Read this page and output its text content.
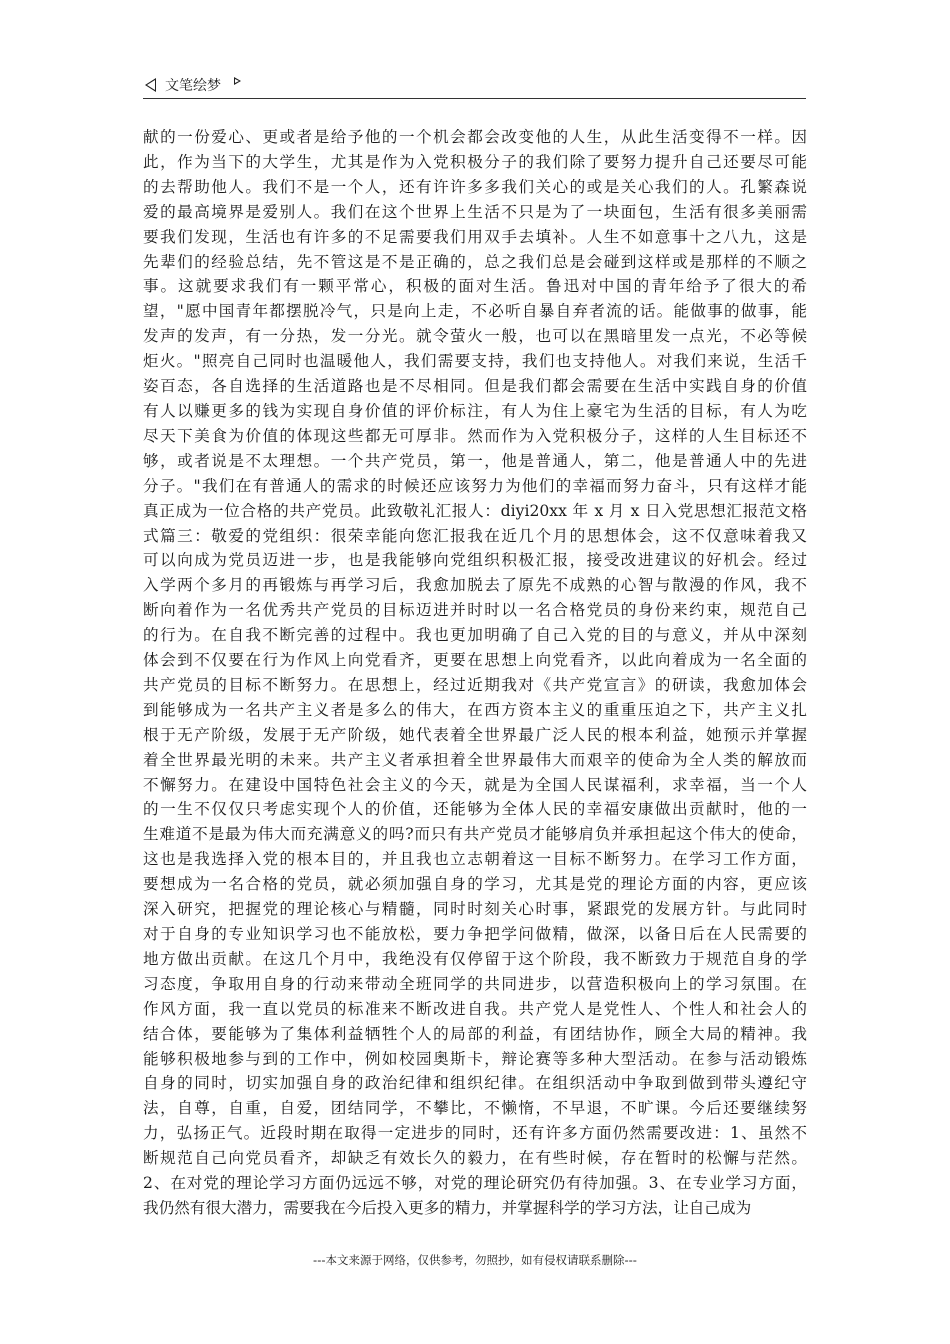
文笔绘梦
献的一份爱心、更或者是给予他的一个机会都会改变他的人生，从此生活变得不一样。因
此，作为当下的大学生，尤其是作为入党积极分子的我们除了要努力提升自己还要尽可能
的去帮助他人。我们不是一个人，还有许许多多我们关心的或是关心我们的人。孔繁森说
爱的最高境界是爱别人。我们在这个世界上生活不只是为了一块面包，生活有很多美丽需
要我们发现，生活也有许多的不足需要我们用双手去填补。人生不如意事十之八九，这是
先辈们的经验总结，先不管这是不是正确的，总之我们总是会碰到这样或是那样的不顺之
事。这就要求我们有一颗平常心，积极的面对生活。鲁迅对中国的青年给予了很大的希
望，"愿中国青年都摆脱冷气，只是向上走，不必听自暴自弃者流的话。能做事的做事，能
发声的发声，有一分热，发一分光。就令萤火一般，也可以在黑暗里发一点光，不必等候
炬火。"照亮自己同时也温暖他人，我们需要支持，我们也支持他人。对我们来说，生活千
姿百态，各自选择的生活道路也是不尽相同。但是我们都会需要在生活中实践自身的价值
有人以赚更多的钱为实现自身价值的评价标注，有人为住上豪宅为生活的目标，有人为吃
尽天下美食为价值的体现这些都无可厚非。然而作为入党积极分子，这样的人生目标还不
够，或者说是不太理想。一个共产党员，第一，他是普通人，第二，他是普通人中的先进
分子。"我们在有普通人的需求的时候还应该努力为他们的幸福而努力奋斗，只有这样才能
真正成为一位合格的共产党员。此致敬礼汇报人：diyi20xx 年 x 月 x 日入党思想汇报范文格
式篇三：敬爱的党组织：很荣幸能向您汇报我在近几个月的思想体会，这不仅意味着我又
可以向成为党员迈进一步，也是我能够向党组织积极汇报，接受改进建议的好机会。经过
入学两个多月的再锻炼与再学习后，我愈加脱去了原先不成熟的心智与散漫的作风，我不
断向着作为一名优秀共产党员的目标迈进并时时以一名合格党员的身份来约束，规范自己
的行为。在自我不断完善的过程中。我也更加明确了自己入党的目的与意义，并从中深刻
体会到不仅要在行为作风上向党看齐，更要在思想上向党看齐，以此向着成为一名全面的
共产党员的目标不断努力。在思想上，经过近期我对《共产党宣言》的研读，我愈加体会
到能够成为一名共产主义者是多么的伟大，在西方资本主义的重重压迫之下，共产主义扎
根于无产阶级，发展于无产阶级，她代表着全世界最广泛人民的根本利益，她预示并掌握
着全世界最光明的未来。共产主义者承担着全世界最伟大而艰辛的使命为全人类的解放而
不懈努力。在建设中国特色社会主义的今天，就是为全国人民谋福利，求幸福，当一个人
的一生不仅仅只考虑实现个人的价值，还能够为全体人民的幸福安康做出贡献时，他的一
生难道不是最为伟大而充满意义的吗?而只有共产党员才能够肩负并承担起这个伟大的使命，
这也是我选择入党的根本目的，并且我也立志朝着这一目标不断努力。在学习工作方面，
要想成为一名合格的党员，就必须加强自身的学习，尤其是党的理论方面的内容，更应该
深入研究，把握党的理论核心与精髓，同时时刻关心时事，紧跟党的发展方针。与此同时
对于自身的专业知识学习也不能放松，要力争把学问做精，做深，以备日后在人民需要的
地方做出贡献。在这几个月中，我绝没有仅停留于这个阶段，我不断致力于规范自身的学
习态度，争取用自身的行动来带动全班同学的共同进步，以营造积极向上的学习氛围。在
作风方面，我一直以党员的标准来不断改进自我。共产党人是党性人、个性人和社会人的
结合体，要能够为了集体利益牺牲个人的局部的利益，有团结协作，顾全大局的精神。我
能够积极地参与到的工作中，例如校园奥斯卡，辩论赛等多种大型活动。在参与活动锻炼
自身的同时，切实加强自身的政治纪律和组织纪律。在组织活动中争取到做到带头遵纪守
法，自尊，自重，自爱，团结同学，不攀比，不懒惰，不早退，不旷课。今后还要继续努
力，弘扬正气。近段时期在取得一定进步的同时，还有许多方面仍然需要改进：1、虽然不
断规范自己向党员看齐，却缺乏有效长久的毅力，在有些时候，存在暂时的松懈与茫然。
2、在对党的理论学习方面仍远远不够，对党的理论研究仍有待加强。3、在专业学习方面，
我仍然有很大潜力，需要我在今后投入更多的精力，并掌握科学的学习方法，让自己成为
---本文来源于网络，仅供参考，勿照抄，如有侵权请联系删除---
